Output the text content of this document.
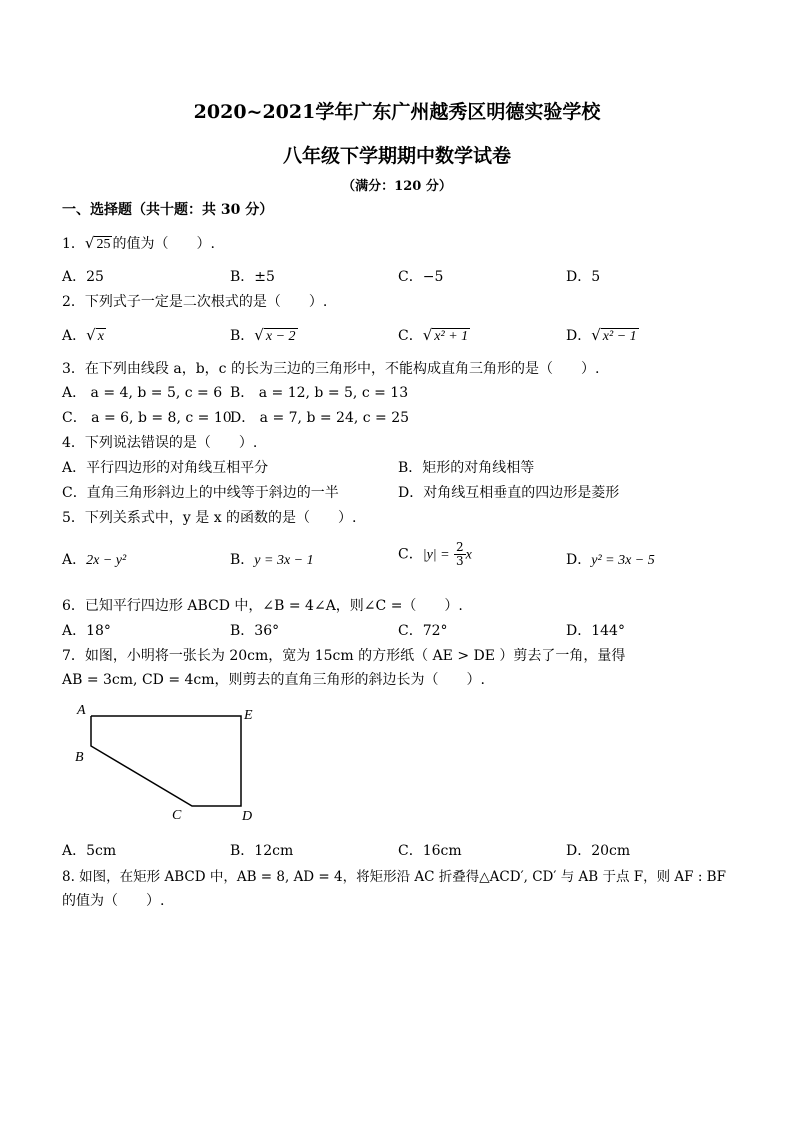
2020~2021学年广东广州越秀区明德实验学校
八年级下学期期中数学试卷
（满分：120 分）
一、选择题（共十题：共 30 分）
1．√ 25 的值为（　　）.
A．25	B．±5	C．−5	D．5
2．下列式子一定是二次根式的是（　　）.
A．√ x	B．√ x − 2	C．√ x² + 1	D．√ x² − 1
3．在下列由线段 a，b，c 的长为三边的三角形中，不能构成直角三角形的是（　　）.
A． a = 4, b = 5, c = 6 B． a = 12, b = 5, c = 13
C． a = 6, b = 8, c = 10
D． a = 7, b = 24, c = 25
4．下列说法错误的是（　　）.
A．平行四边形的对角线互相平分	B．矩形的对角线相等
C．直角三角形斜边上的中线等于斜边的一半	D．对角线互相垂直的四边形是菱形
5．下列关系式中，y 是 x 的函数的是（　　）.
A．2x − y²	B．y = 3x − 1	C．$|y| = \frac{2}{3}$ x	D．y² = 3x − 5
6．已知平行四边形 ABCD 中，∠B = 4∠A，则∠C =（　　）.
A．18°	B．36°	C．72°	D．144°
7．如图，小明将一张长为 20cm，宽为 15cm 的方形纸（ AE > DE ）剪去了一角，量得
AB = 3cm, CD = 4cm，则剪去的直角三角形的斜边长为（　　）.
A
B
C	D
E
A．5cm	B．12cm	C．16cm	D．20cm
8. 如图，在矩形 ABCD 中，AB = 8, AD = 4，将矩形沿 AC 折叠得△ACD′, CD′ 与 AB 于点 F，则 AF : BF
的值为（　　）.
